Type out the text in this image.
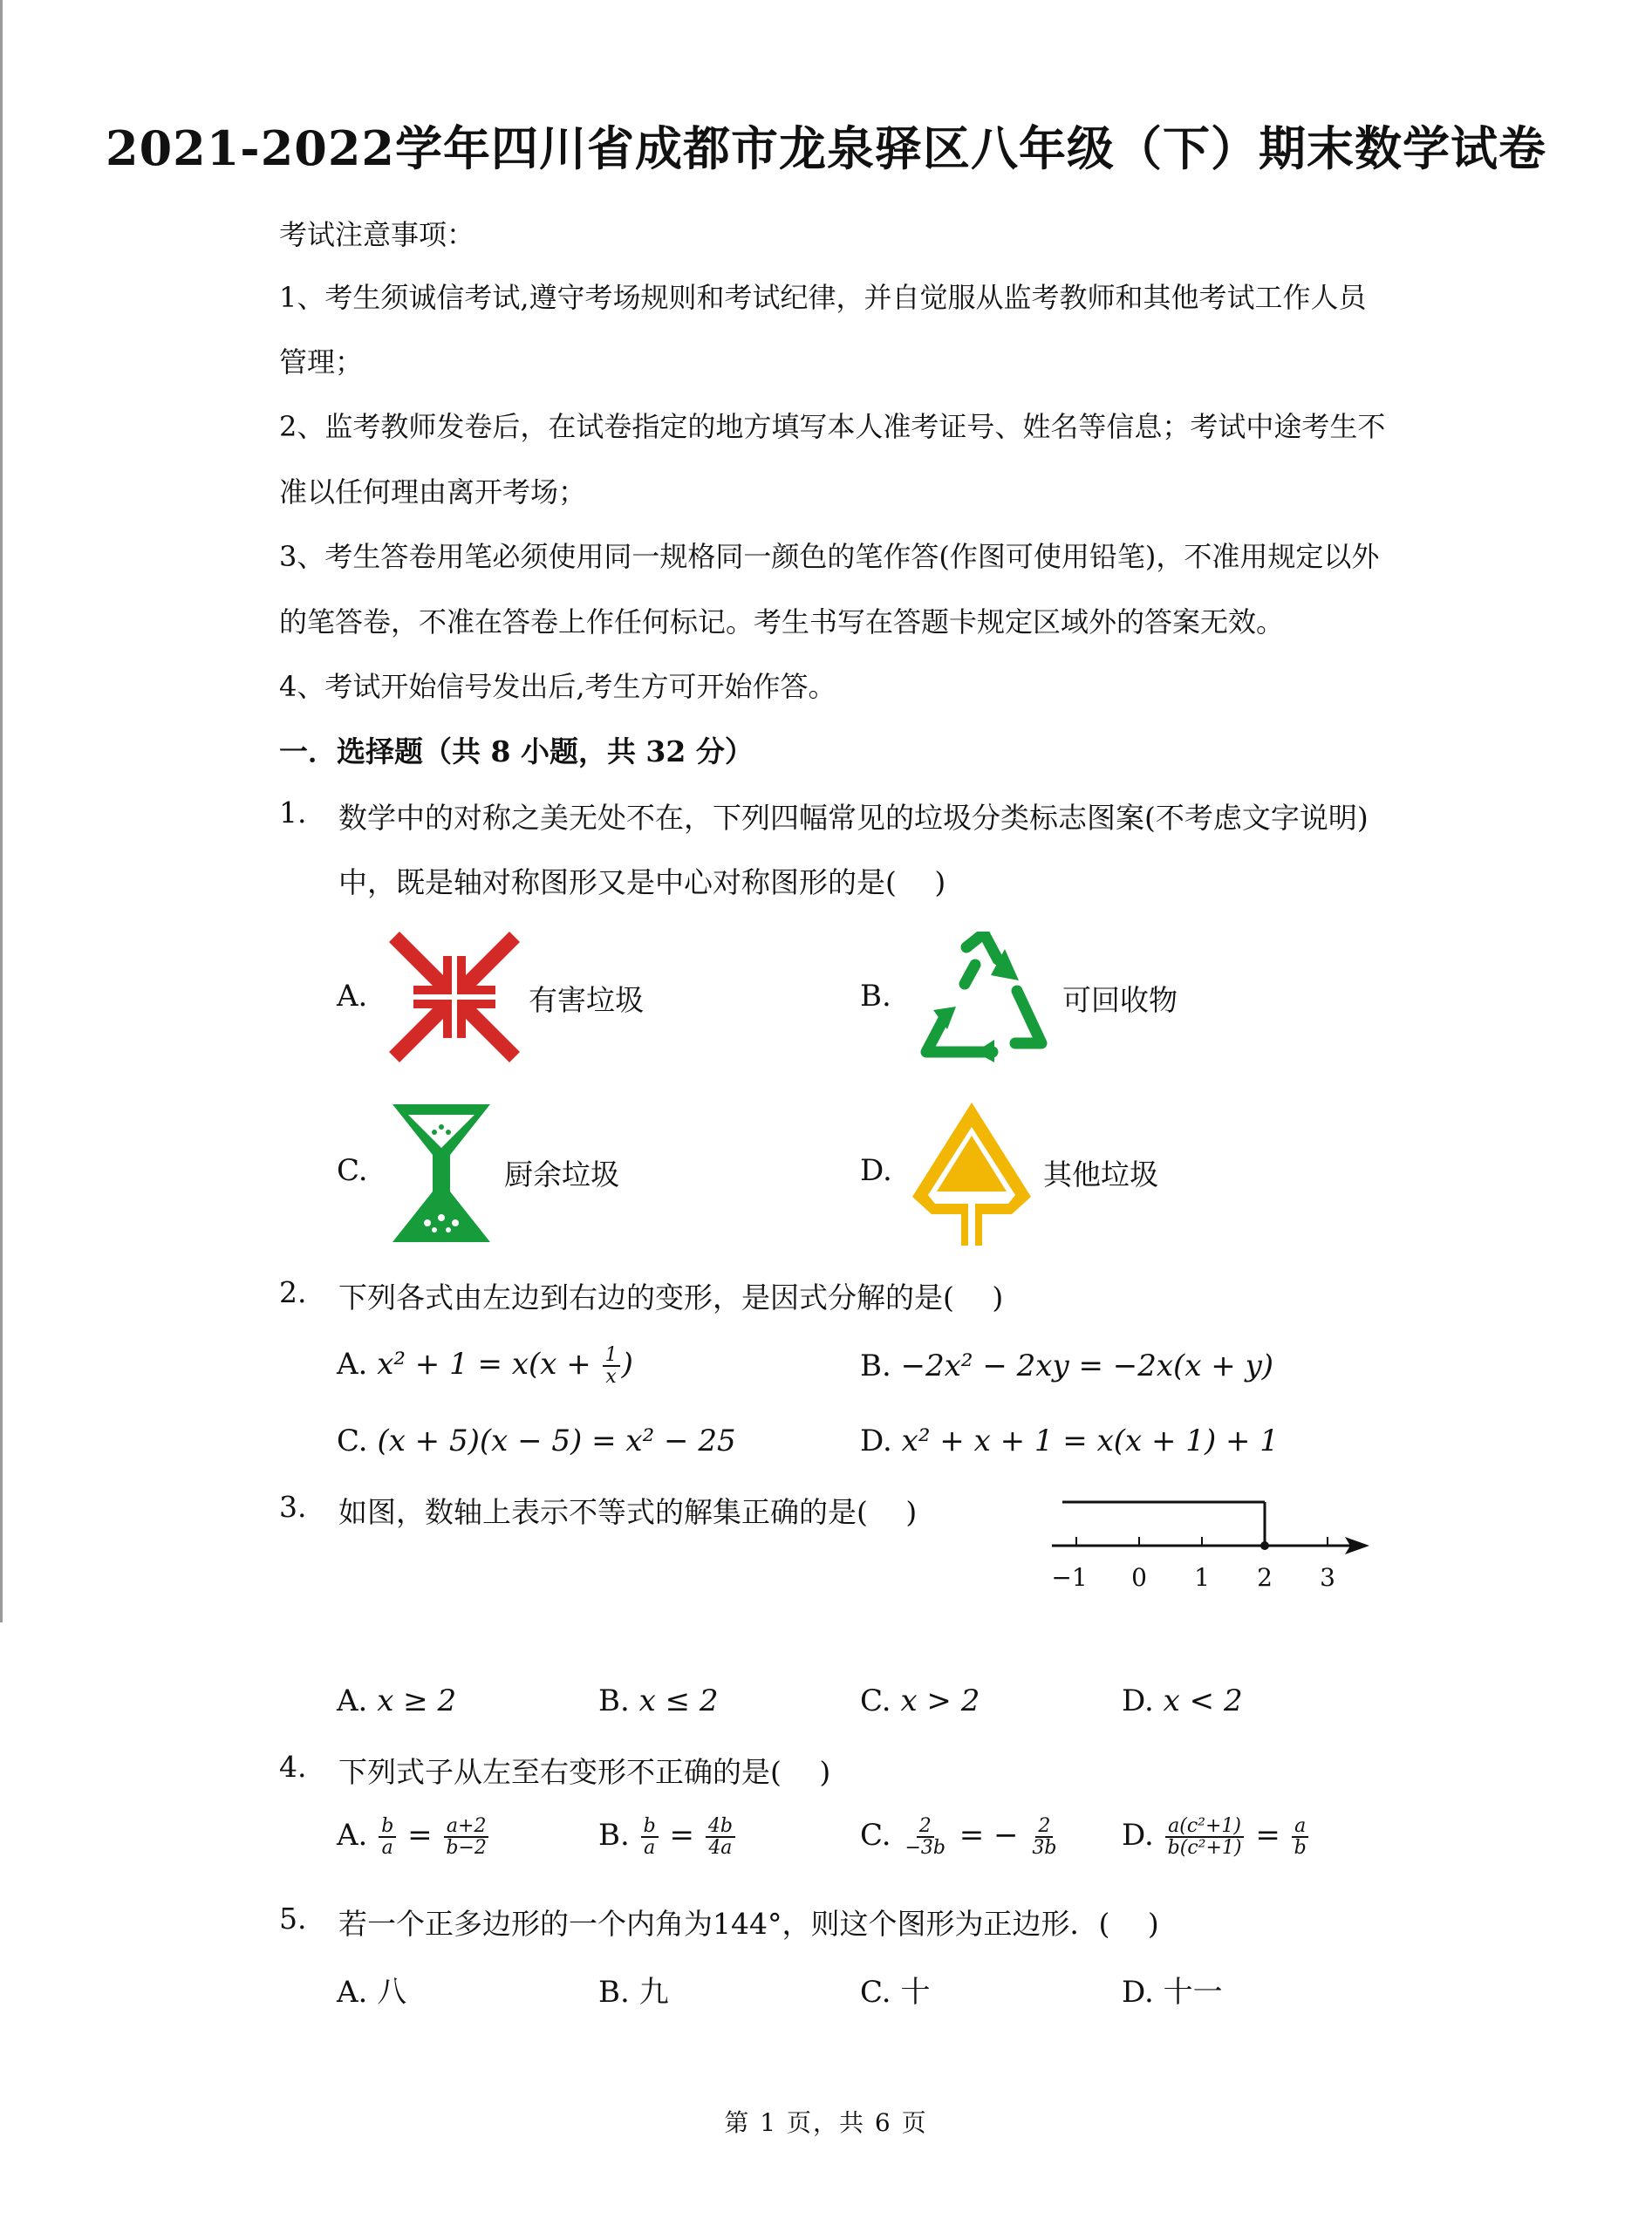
2021-2022学年四川省成都市龙泉驿区八年级（下）期末数学试卷
考试注意事项：
1、考生须诚信考试,遵守考场规则和考试纪律，并自觉服从监考教师和其他考试工作人员
管理；
2、监考教师发卷后，在试卷指定的地方填写本人准考证号、姓名等信息；考试中途考生不
准以任何理由离开考场；
3、考生答卷用笔必须使用同一规格同一颜色的笔作答(作图可使用铅笔)，不准用规定以外
的笔答卷，不准在答卷上作任何标记。考生书写在答题卡规定区域外的答案无效。
4、考试开始信号发出后,考生方可开始作答。
一．选择题（共 8 小题，共 32 分）
1. 数学中的对称之美无处不在，下列四幅常见的垃圾分类标志图案(不考虑文字说明)
中，既是轴对称图形又是中心对称图形的是(　 )
A.	有害垃圾	B.	可回收物
C.	厨余垃圾	D.	其他垃圾
2. 下列各式由左边到右边的变形，是因式分解的是(　 )
A. $x^2 + 1 = x(x + \frac{1}{x}$ )	B. −2x² − 2xy = −2x(x + y)
C. (x + 5)(x − 5) = x² − 25	D. x² + x + 1 = x(x + 1) + 1
3. 如图，数轴上表示不等式的解集正确的是(　 )
−1 0 1 2 3
A. x ≥ 2	B. x ≤ 2	C. x > 2	D. x < 2
4. 下列式子从左至右变形不正确的是(　 )
A. $\frac{b}{a} = \frac{a+2}{b-2}$	B. $\frac{b}{a} = \frac{4b}{4a}$	C. $\frac{2}{-3b}$ = − $\frac{2}{3b} D$. $\frac{\text{a(c²+1)}}{\text{b(c²+1)}} = \frac{a}{b}$
5. 若一个正多边形的一个内角为144°，则这个图形为正边形．(　 )
A. 八	B. 九	C. 十	D. 十一
第 1 页，共 6 页
